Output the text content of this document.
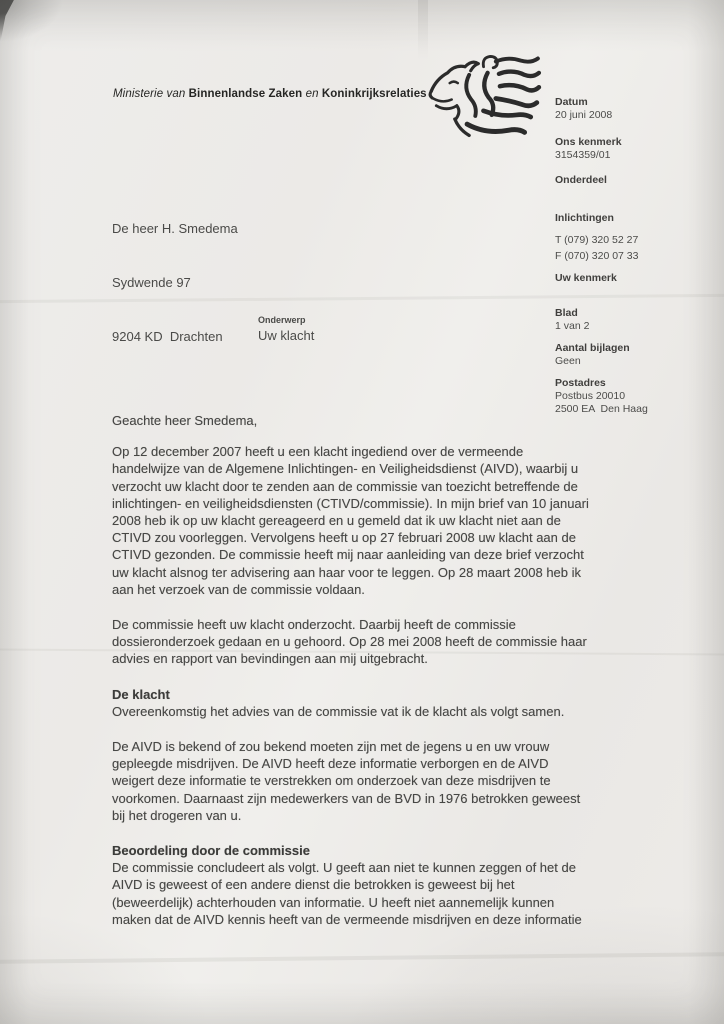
Ministerie van Binnenlandse Zaken en Koninkrijksrelaties
Datum
20 juni 2008
Ons kenmerk
3154359/01
Onderdeel
Inlichtingen
T (079) 320 52 27
F (070) 320 07 33
Uw kenmerk
Blad
1 van 2
Aantal bijlagen
Geen
Postadres
Postbus 20010
2500 EA  Den Haag

De heer H. Smedema

Sydwende 97

9204 KD  Drachten

Onderwerp
Uw klacht
Geachte heer Smedema,
Op 12 december 2007 heeft u een klacht ingediend over de vermeende handelwijze van de Algemene Inlichtingen- en Veiligheidsdienst (AIVD), waarbij u verzocht uw klacht door te zenden aan de commissie van toezicht betreffende de inlichtingen- en veiligheidsdiensten (CTIVD/commissie). In mijn brief van 10 januari 2008 heb ik op uw klacht gereageerd en u gemeld dat ik uw klacht niet aan de CTIVD zou voorleggen. Vervolgens heeft u op 27 februari 2008 uw klacht aan de CTIVD gezonden. De commissie heeft mij naar aanleiding van deze brief verzocht uw klacht alsnog ter advisering aan haar voor te leggen. Op 28 maart 2008 heb ik aan het verzoek van de commissie voldaan.
De commissie heeft uw klacht onderzocht. Daarbij heeft de commissie dossieronderzoek gedaan en u gehoord. Op 28 mei 2008 heeft de commissie haar advies en rapport van bevindingen aan mij uitgebracht.
De klacht
Overeenkomstig het advies van de commissie vat ik de klacht als volgt samen.
De AIVD is bekend of zou bekend moeten zijn met de jegens u en uw vrouw gepleegde misdrijven. De AIVD heeft deze informatie verborgen en de AIVD weigert deze informatie te verstrekken om onderzoek van deze misdrijven te voorkomen. Daarnaast zijn medewerkers van de BVD in 1976 betrokken geweest bij het drogeren van u.
Beoordeling door de commissie
De commissie concludeert als volgt. U geeft aan niet te kunnen zeggen of het de AIVD is geweest of een andere dienst die betrokken is geweest bij het (beweerdelijk) achterhouden van informatie. U heeft niet aannemelijk kunnen maken dat de AIVD kennis heeft van de vermeende misdrijven en deze informatie
